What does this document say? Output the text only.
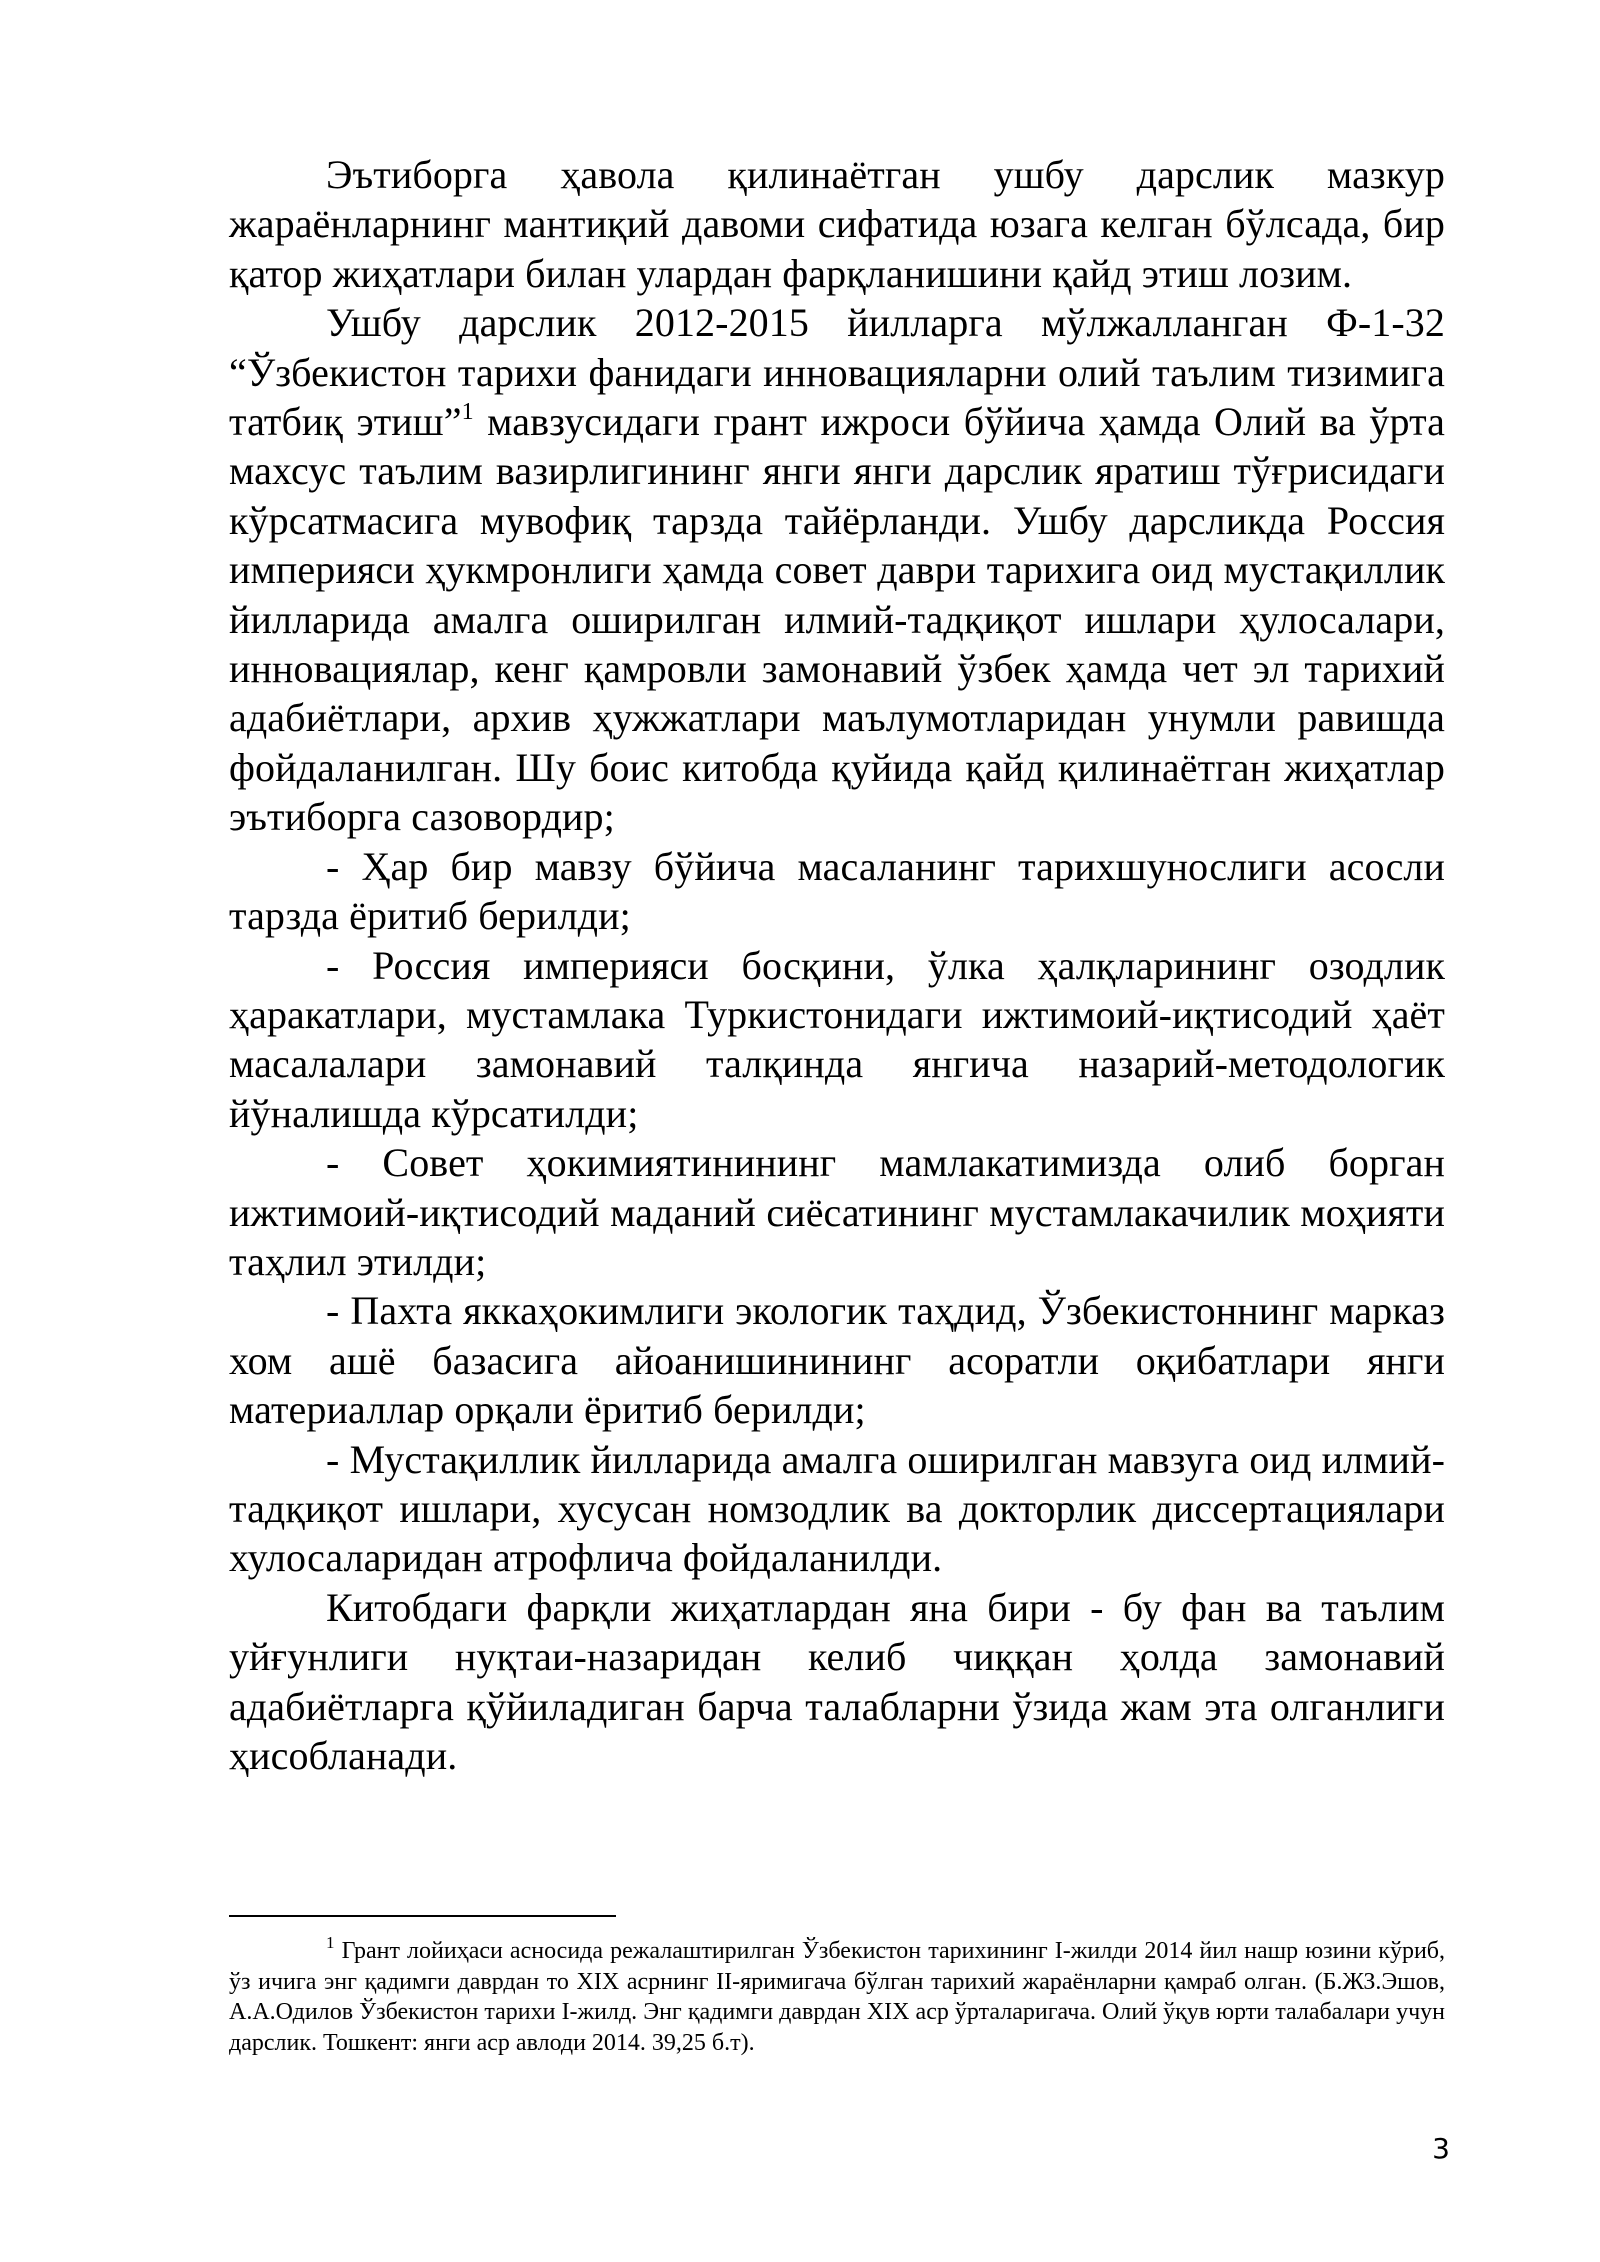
Эътиборга ҳавола қилинаётган ушбу дарслик мазкур жараёнларнинг мантиқий давоми сифатида юзага келган бўлсада, бир қатор жиҳатлари билан улардан фарқланишини қайд этиш лозим.

Ушбу дарслик 2012-2015 йилларга мўлжалланган Ф-1-32 “Ўзбекистон тарихи фанидаги инновацияларни олий таълим тизимига татбиқ этиш”$^1$ мавзусидаги грант ижроси бўйича ҳамда Олий ва ўрта махсус таълим вазирлигининг янги янги дарслик яратиш тўғрисидаги кўрсатмасига мувофиқ тарзда тайёрланди. Ушбу дарсликда Россия империяси ҳукмронлиги ҳамда совет даври тарихига оид мустақиллик йилларида амалга оширилган илмий-тадқиқот ишлари ҳулосалари, инновациялар, кенг қамровли замонавий ўзбек ҳамда чет эл тарихий адабиётлари, архив ҳужжатлари маълумотларидан унумли равишда фойдаланилган. Шу боис китобда қуйида қайд қилинаётган жиҳатлар эътиборга сазовордир;

- Ҳар бир мавзу бўйича масаланинг тарихшунослиги асосли тарзда ёритиб берилди;

- Россия империяси босқини, ўлка ҳалқларининг озодлик ҳаракатлари, мустамлака Туркистонидаги ижтимоий-иқтисодий ҳаёт масалалари замонавий талқинда янгича назарий-методологик йўналишда кўрсатилди;

- Совет ҳокимиятинининг мамлакатимизда олиб борган ижтимоий-иқтисодий маданий сиёсатининг мустамлакачилик моҳияти таҳлил этилди;

- Пахта яккаҳокимлиги экологик таҳдид, Ўзбекистоннинг марказ хом ашё базасига айоанишинининг асоратли оқибатлари янги материаллар орқали ёритиб берилди;

- Мустақиллик йилларида амалга оширилган мавзуга оид илмий-тадқиқот ишлари, хусусан номзодлик ва докторлик диссертациялари хулосаларидан атрофлича фойдаланилди.

Китобдаги фарқли жиҳатлардан яна бири - бу фан ва таълим уйғунлиги нуқтаи-назаридан келиб чиққан ҳолда замонавий адабиётларга қўйиладиган барча талабларни ўзида жам эта олганлиги ҳисобланади.

$^1$ Грант лойиҳаси асносида режалаштирилган Ўзбекистон тарихининг I-жилди 2014 йил нашр юзини кўриб, ўз ичига энг қадимги даврдан то XIX асрнинг II-яримигача бўлган тарихий жараёнларни қамраб олган. (Б.ЖЗ.Эшов, А.А.Одилов Ўзбекистон тарихи I-жилд. Энг қадимги даврдан XIX аср ўрталаригача. Олий ўқув юрти талабалари учун дарслик. Тошкент: янги аср авлоди 2014. 39,25 б.т).

3
